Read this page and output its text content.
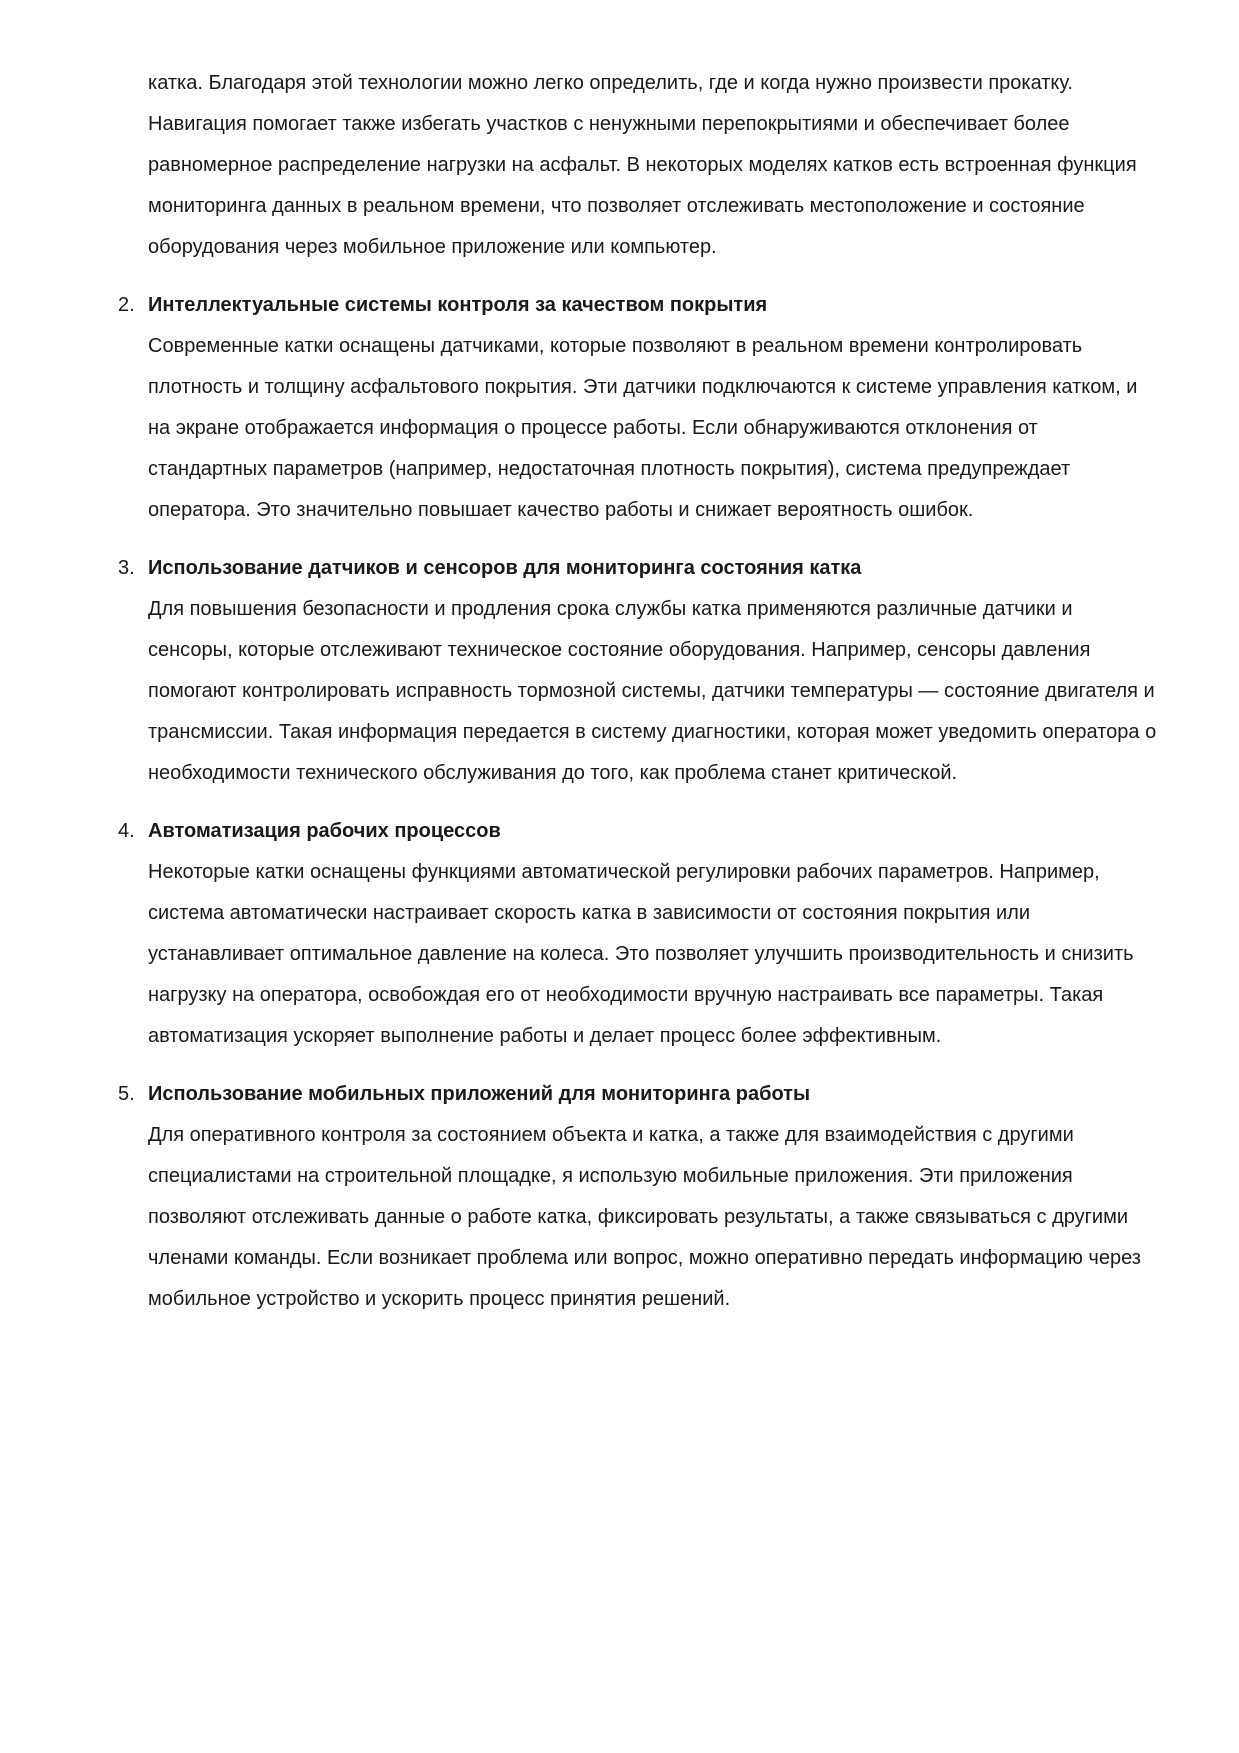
катка. Благодаря этой технологии можно легко определить, где и когда нужно произвести прокатку. Навигация помогает также избегать участков с ненужными перепокрытиями и обеспечивает более равномерное распределение нагрузки на асфальт. В некоторых моделях катков есть встроенная функция мониторинга данных в реальном времени, что позволяет отслеживать местоположение и состояние оборудования через мобильное приложение или компьютер.

2. Интеллектуальные системы контроля за качеством покрытия
Современные катки оснащены датчиками, которые позволяют в реальном времени контролировать плотность и толщину асфальтового покрытия. Эти датчики подключаются к системе управления катком, и на экране отображается информация о процессе работы. Если обнаруживаются отклонения от стандартных параметров (например, недостаточная плотность покрытия), система предупреждает оператора. Это значительно повышает качество работы и снижает вероятность ошибок.
3. Использование датчиков и сенсоров для мониторинга состояния катка
Для повышения безопасности и продления срока службы катка применяются различные датчики и сенсоры, которые отслеживают техническое состояние оборудования. Например, сенсоры давления помогают контролировать исправность тормозной системы, датчики температуры — состояние двигателя и трансмиссии. Такая информация передается в систему диагностики, которая может уведомить оператора о необходимости технического обслуживания до того, как проблема станет критической.
4. Автоматизация рабочих процессов
Некоторые катки оснащены функциями автоматической регулировки рабочих параметров. Например, система автоматически настраивает скорость катка в зависимости от состояния покрытия или устанавливает оптимальное давление на колеса. Это позволяет улучшить производительность и снизить нагрузку на оператора, освобождая его от необходимости вручную настраивать все параметры. Такая автоматизация ускоряет выполнение работы и делает процесс более эффективным.
5. Использование мобильных приложений для мониторинга работы
Для оперативного контроля за состоянием объекта и катка, а также для взаимодействия с другими специалистами на строительной площадке, я использую мобильные приложения. Эти приложения позволяют отслеживать данные о работе катка, фиксировать результаты, а также связываться с другими членами команды. Если возникает проблема или вопрос, можно оперативно передать информацию через мобильное устройство и ускорить процесс принятия решений.
